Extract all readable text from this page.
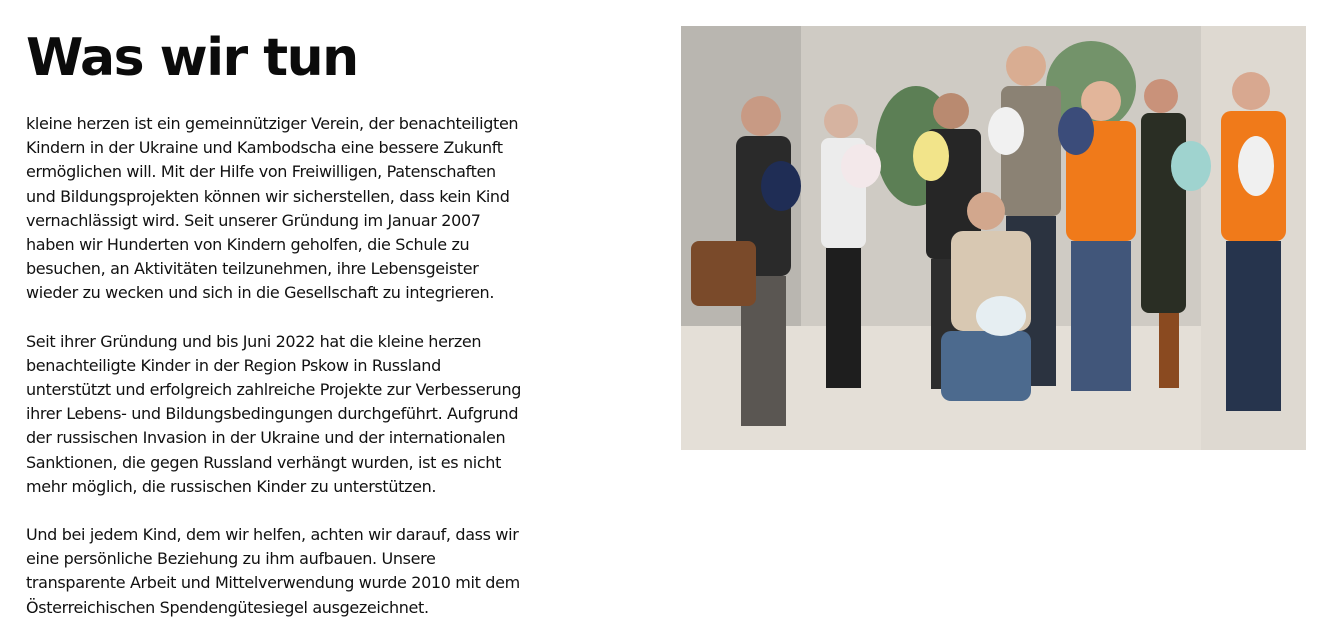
Was wir tun

kleine herzen ist ein gemeinnütziger Verein, der benachteiligten
Kindern in der Ukraine und Kambodscha eine bessere Zukunft
ermöglichen will. Mit der Hilfe von Freiwilligen, Patenschaften
und Bildungsprojekten können wir sicherstellen, dass kein Kind
vernachlässigt wird. Seit unserer Gründung im Januar 2007
haben wir Hunderten von Kindern geholfen, die Schule zu
besuchen, an Aktivitäten teilzunehmen, ihre Lebensgeister
wieder zu wecken und sich in die Gesellschaft zu integrieren.

Seit ihrer Gründung und bis Juni 2022 hat die kleine herzen
benachteiligte Kinder in der Region Pskow in Russland
unterstützt und erfolgreich zahlreiche Projekte zur Verbesserung
ihrer Lebens- und Bildungsbedingungen durchgeführt. Aufgrund
der russischen Invasion in der Ukraine und der internationalen
Sanktionen, die gegen Russland verhängt wurden, ist es nicht
mehr möglich, die russischen Kinder zu unterstützen.

Und bei jedem Kind, dem wir helfen, achten wir darauf, dass wir
eine persönliche Beziehung zu ihm aufbauen. Unsere
transparente Arbeit und Mittelverwendung wurde 2010 mit dem
Österreichischen Spendengütesiegel ausgezeichnet.
